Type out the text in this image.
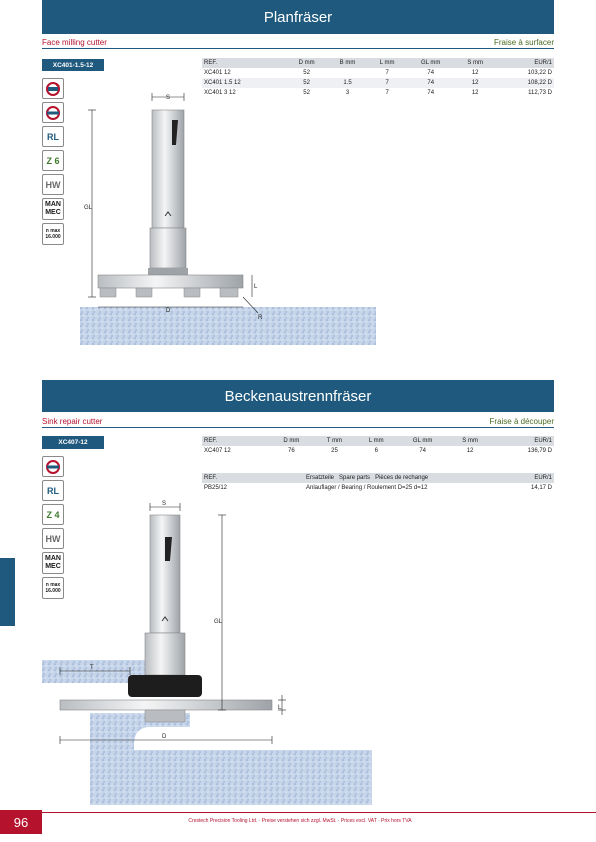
Planfräser
Face milling cutter	Fraise à surfacer
XC401-1.5-12	REF.	D mm	B mm	L mm	GL mm	S mm	EUR/1
XC401 12	52		7	74	12	103,22 D
XC401 1.5 12	52	1.5	7	74	12	108,22 D
XC401 3 12	52	3	7	74	12	112,73 D
RL
Z 6
HW
MAN
MEC
n max
16.000
S
GL
D
L
R
Beckenaustrennfräser
Sink repair cutter	Fraise à découper
XC407-12	REF.	D mm	T mm	L mm	GL mm	S mm	EUR/1
XC407 12	76	25	6	74	12	136,79 D
REF.	Ersatzteile Spare parts Pièces de rechange	EUR/1
PB25/12	Anlauflager / Bearing / Roulement D=25 d=12	14,17 D
RL
Z 4
HW
MAN
MEC
n max
16.000
S
GL
T
L
D
96	Crestech Precision Tooling Ltd. · Preise verstehen sich zzgl. MwSt. · Prices excl. VAT · Prix hors TVA
